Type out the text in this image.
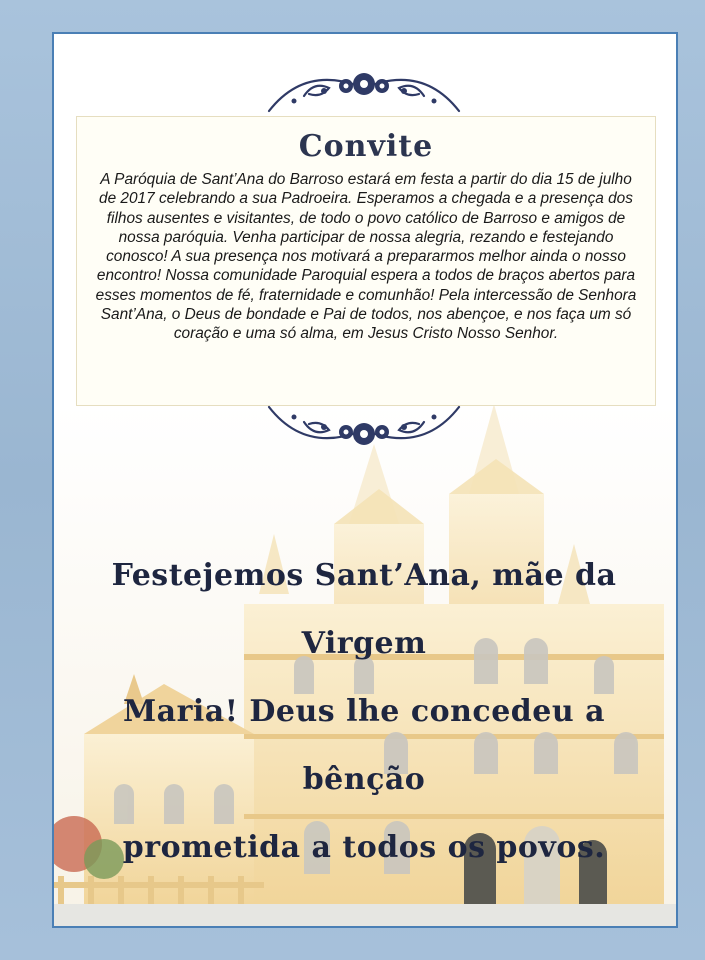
Convite

A Paróquia de Sant’Ana do Barroso estará em festa a partir do dia 15 de julho de 2017 celebrando a sua Padroeira. Esperamos a chegada e a presença dos filhos ausentes e visitantes, de todo o povo católico de Barroso e amigos de nossa paróquia. Venha participar de nossa alegria, rezando e festejando conosco! A sua presença nos motivará a prepararmos melhor ainda o nosso encontro! Nossa comunidade Paroquial espera a todos de braços abertos para esses momentos de fé, fraternidade e comunhão! Pela intercessão de Senhora Sant’Ana, o Deus de bondade e Pai de todos, nos abençoe, e nos faça um só coração e uma só alma, em Jesus Cristo Nosso Senhor.

Festejemos Sant’Ana, mãe da Virgem
Maria! Deus lhe concedeu a bênção
prometida a todos os povos.
